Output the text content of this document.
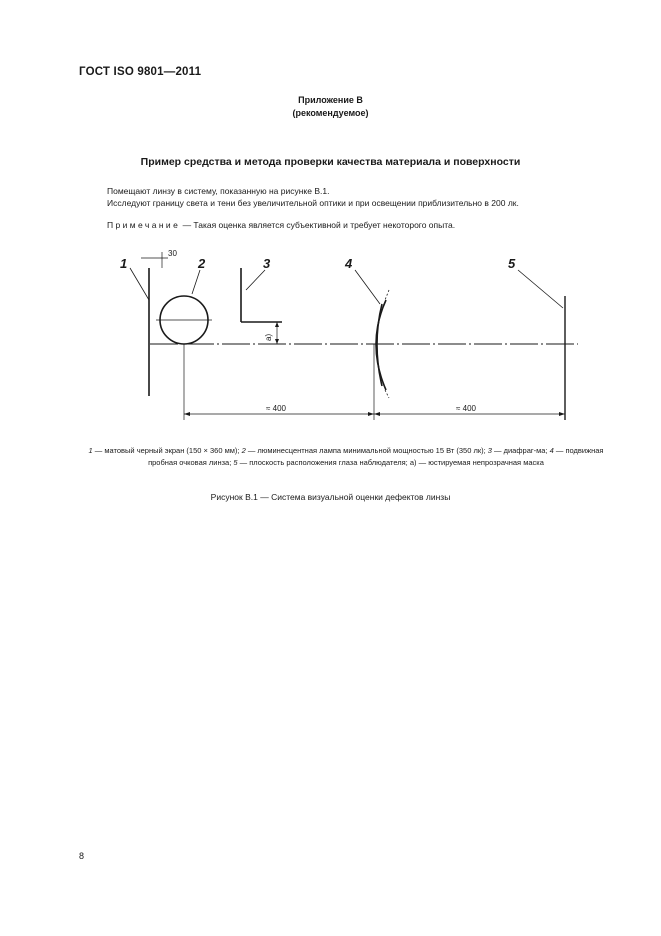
ГОСТ ISO 9801—2011
Приложение В
(рекомендуемое)
Пример средства и метода проверки качества материала и поверхности
Помещают линзу в систему, показанную на рисунке В.1.
Исследуют границу света и тени без увеличительной оптики и при освещении приблизительно в 200 лк.
Примечание — Такая оценка является субъективной и требует некоторого опыта.
1
30
2	3
а)
4	5
≈ 400	≈ 400
1 — матовый черный экран (150 × 360 мм); 2 — люминесцентная лампа минимальной мощностью 15 Вт (350 лк); 3 — диафраг-ма; 4 — подвижная пробная очковая линза; 5 — плоскость расположения глаза наблюдателя; а) — юстируемая непрозрачная маска
Рисунок В.1 — Система визуальной оценки дефектов линзы
8
